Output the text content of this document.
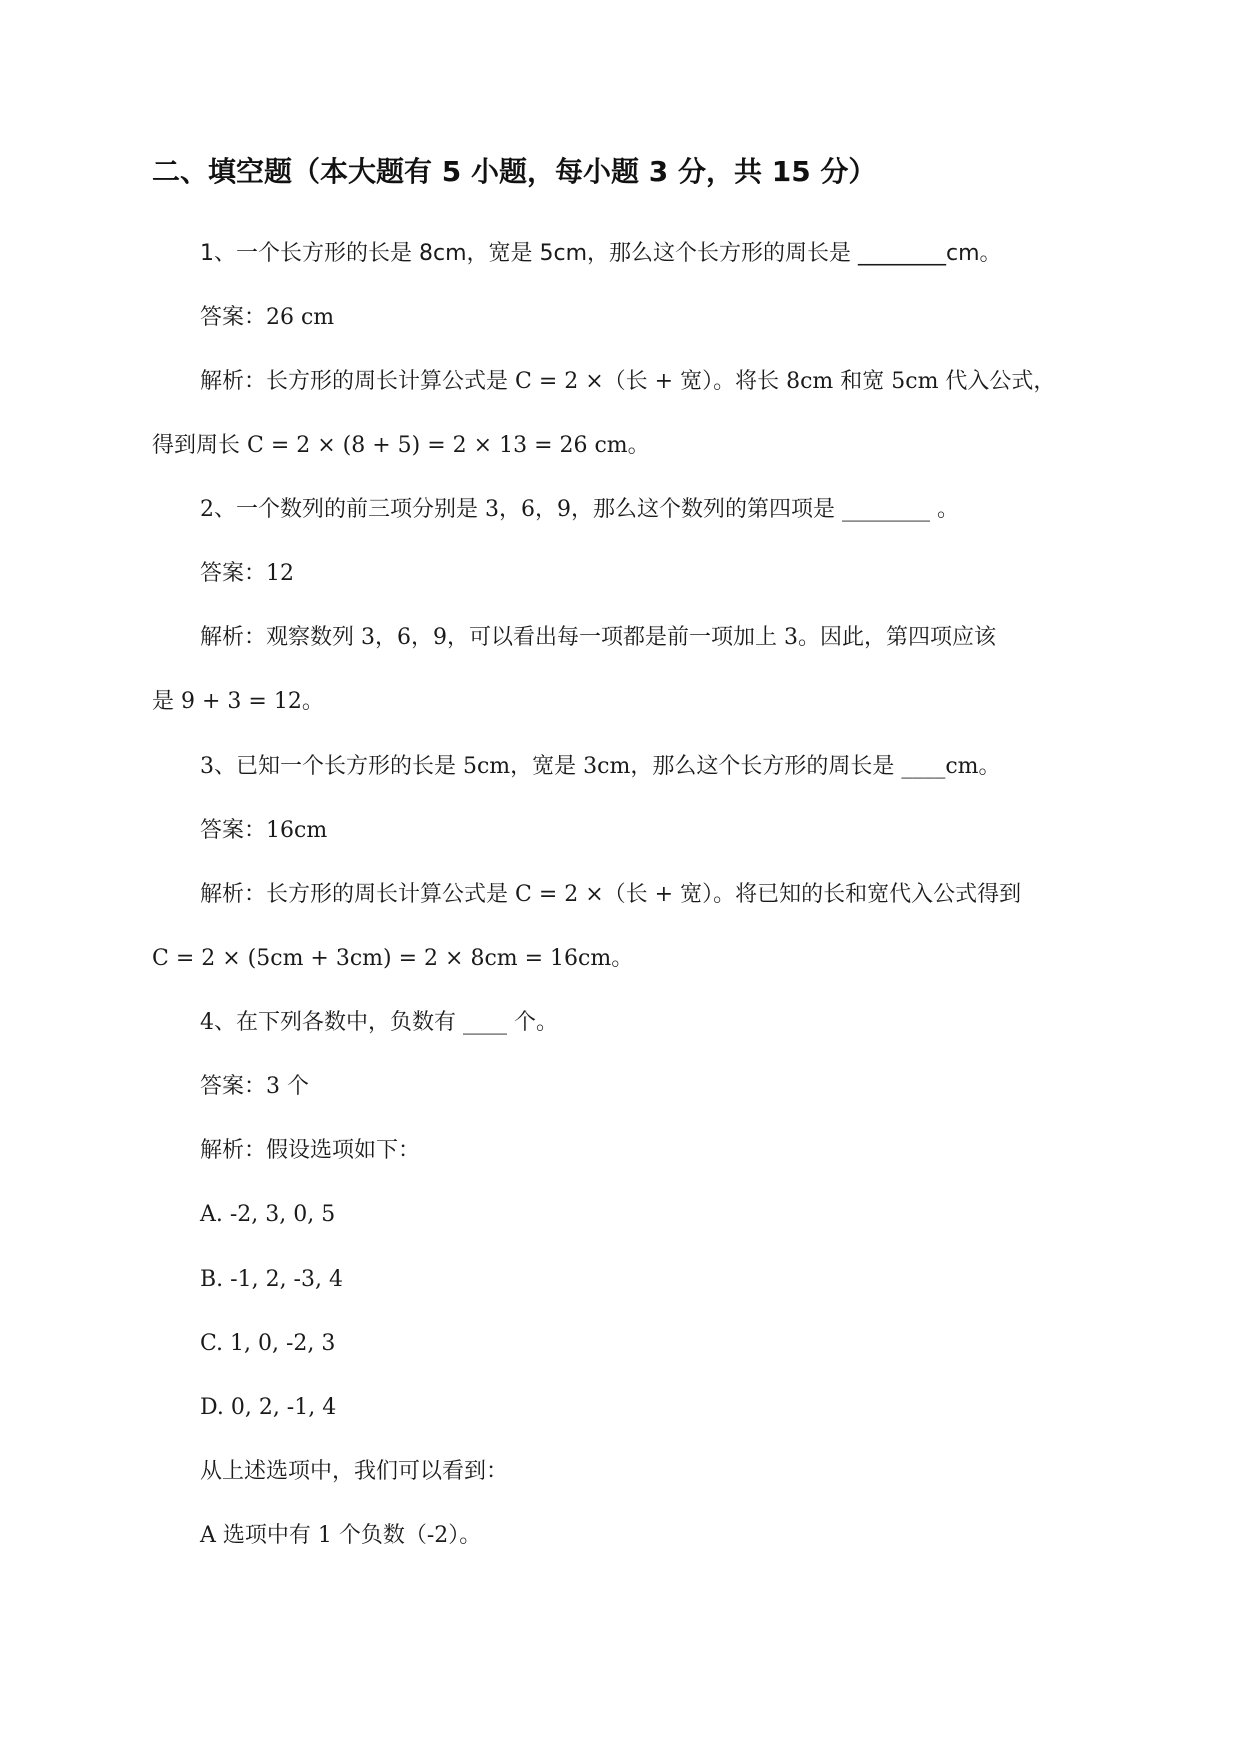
二、填空题（本大题有 5 小题，每小题 3 分，共 15 分）
1、一个长方形的长是 8cm，宽是 5cm，那么这个长方形的周长是 ________cm。
答案：26 cm
解析：长方形的周长计算公式是 C = 2 ×（长 + 宽）。将长 8cm 和宽 5cm 代入公式，
得到周长 C = 2 × (8 + 5) = 2 × 13 = 26 cm。
2、一个数列的前三项分别是 3，6，9，那么这个数列的第四项是 ________ 。
答案：12
解析：观察数列 3，6，9，可以看出每一项都是前一项加上 3。因此，第四项应该
是 9 + 3 = 12。
3、已知一个长方形的长是 5cm，宽是 3cm，那么这个长方形的周长是 ____cm。
答案：16cm
解析：长方形的周长计算公式是 C = 2 ×（长 + 宽）。将已知的长和宽代入公式得到
C = 2 × (5cm + 3cm) = 2 × 8cm = 16cm。
4、在下列各数中，负数有 ____ 个。
答案：3 个
解析：假设选项如下：
A. -2, 3, 0, 5
B. -1, 2, -3, 4
C. 1, 0, -2, 3
D. 0, 2, -1, 4
从上述选项中，我们可以看到：
A 选项中有 1 个负数（-2）。
